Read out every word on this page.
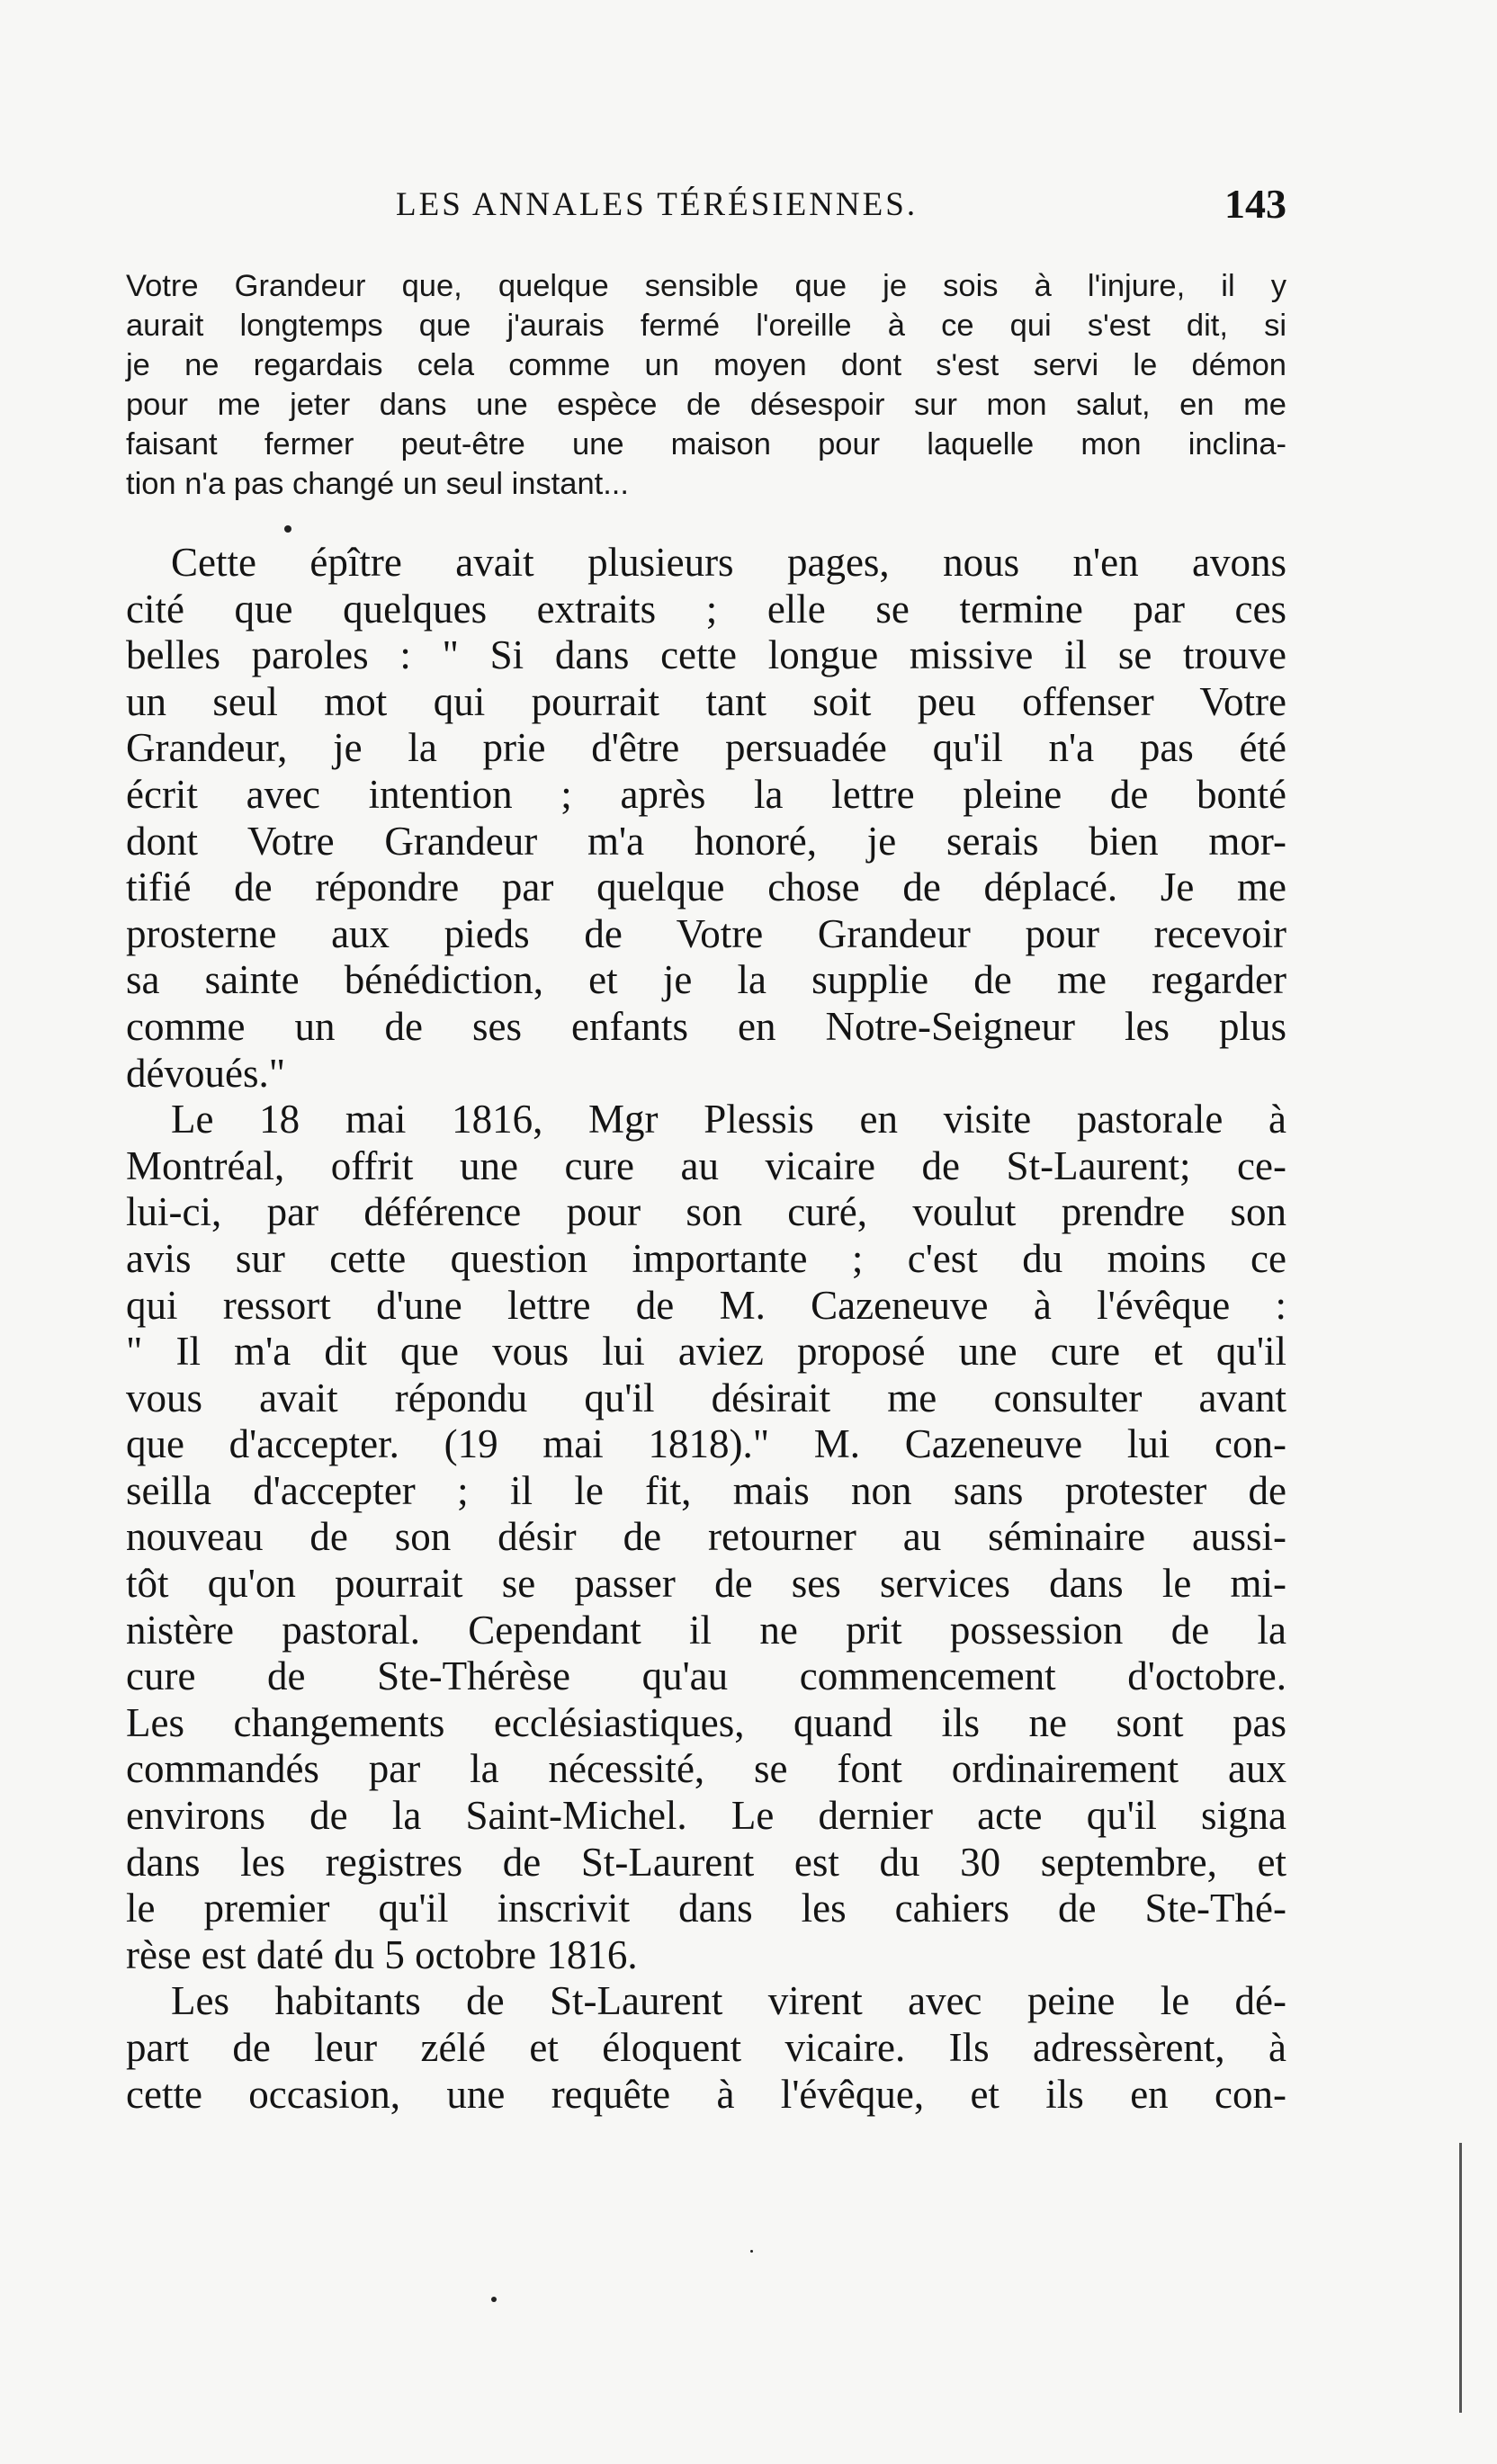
LES ANNALES TÉRÉSIENNES.	143
Votre Grandeur que, quelque sensible que je sois à l'injure, il y
aurait longtemps que j'aurais fermé l'oreille à ce qui s'est dit, si
je ne regardais cela comme un moyen dont s'est servi le démon
pour me jeter dans une espèce de désespoir sur mon salut, en me
faisant fermer peut-être une maison pour laquelle mon inclina-
tion n'a pas changé un seul instant...
Cette épître avait plusieurs pages, nous n'en avons
cité que quelques extraits ; elle se termine par ces
belles paroles : " Si dans cette longue missive il se trouve
un seul mot qui pourrait tant soit peu offenser Votre
Grandeur, je la prie d'être persuadée qu'il n'a pas été
écrit avec intention ; après la lettre pleine de bonté
dont Votre Grandeur m'a honoré, je serais bien mor-
tifié de répondre par quelque chose de déplacé. Je me
prosterne aux pieds de Votre Grandeur pour recevoir
sa sainte bénédiction, et je la supplie de me regarder
comme un de ses enfants en Notre-Seigneur les plus
dévoués."
Le 18 mai 1816, Mgr Plessis en visite pastorale à
Montréal, offrit une cure au vicaire de St-Laurent; ce-
lui-ci, par déférence pour son curé, voulut prendre son
avis sur cette question importante ; c'est du moins ce
qui ressort d'une lettre de M. Cazeneuve à l'évêque :
" Il m'a dit que vous lui aviez proposé une cure et qu'il
vous avait répondu qu'il désirait me consulter avant
que d'accepter. (19 mai 1818)." M. Cazeneuve lui con-
seilla d'accepter ; il le fit, mais non sans protester de
nouveau de son désir de retourner au séminaire aussi-
tôt qu'on pourrait se passer de ses services dans le mi-
nistère pastoral. Cependant il ne prit possession de la
cure de Ste-Thérèse qu'au commencement d'octobre.
Les changements ecclésiastiques, quand ils ne sont pas
commandés par la nécessité, se font ordinairement aux
environs de la Saint-Michel. Le dernier acte qu'il signa
dans les registres de St-Laurent est du 30 septembre, et
le premier qu'il inscrivit dans les cahiers de Ste-Thé-
rèse est daté du 5 octobre 1816.
Les habitants de St-Laurent virent avec peine le dé-
part de leur zélé et éloquent vicaire. Ils adressèrent, à
cette occasion, une requête à l'évêque, et ils en con-
